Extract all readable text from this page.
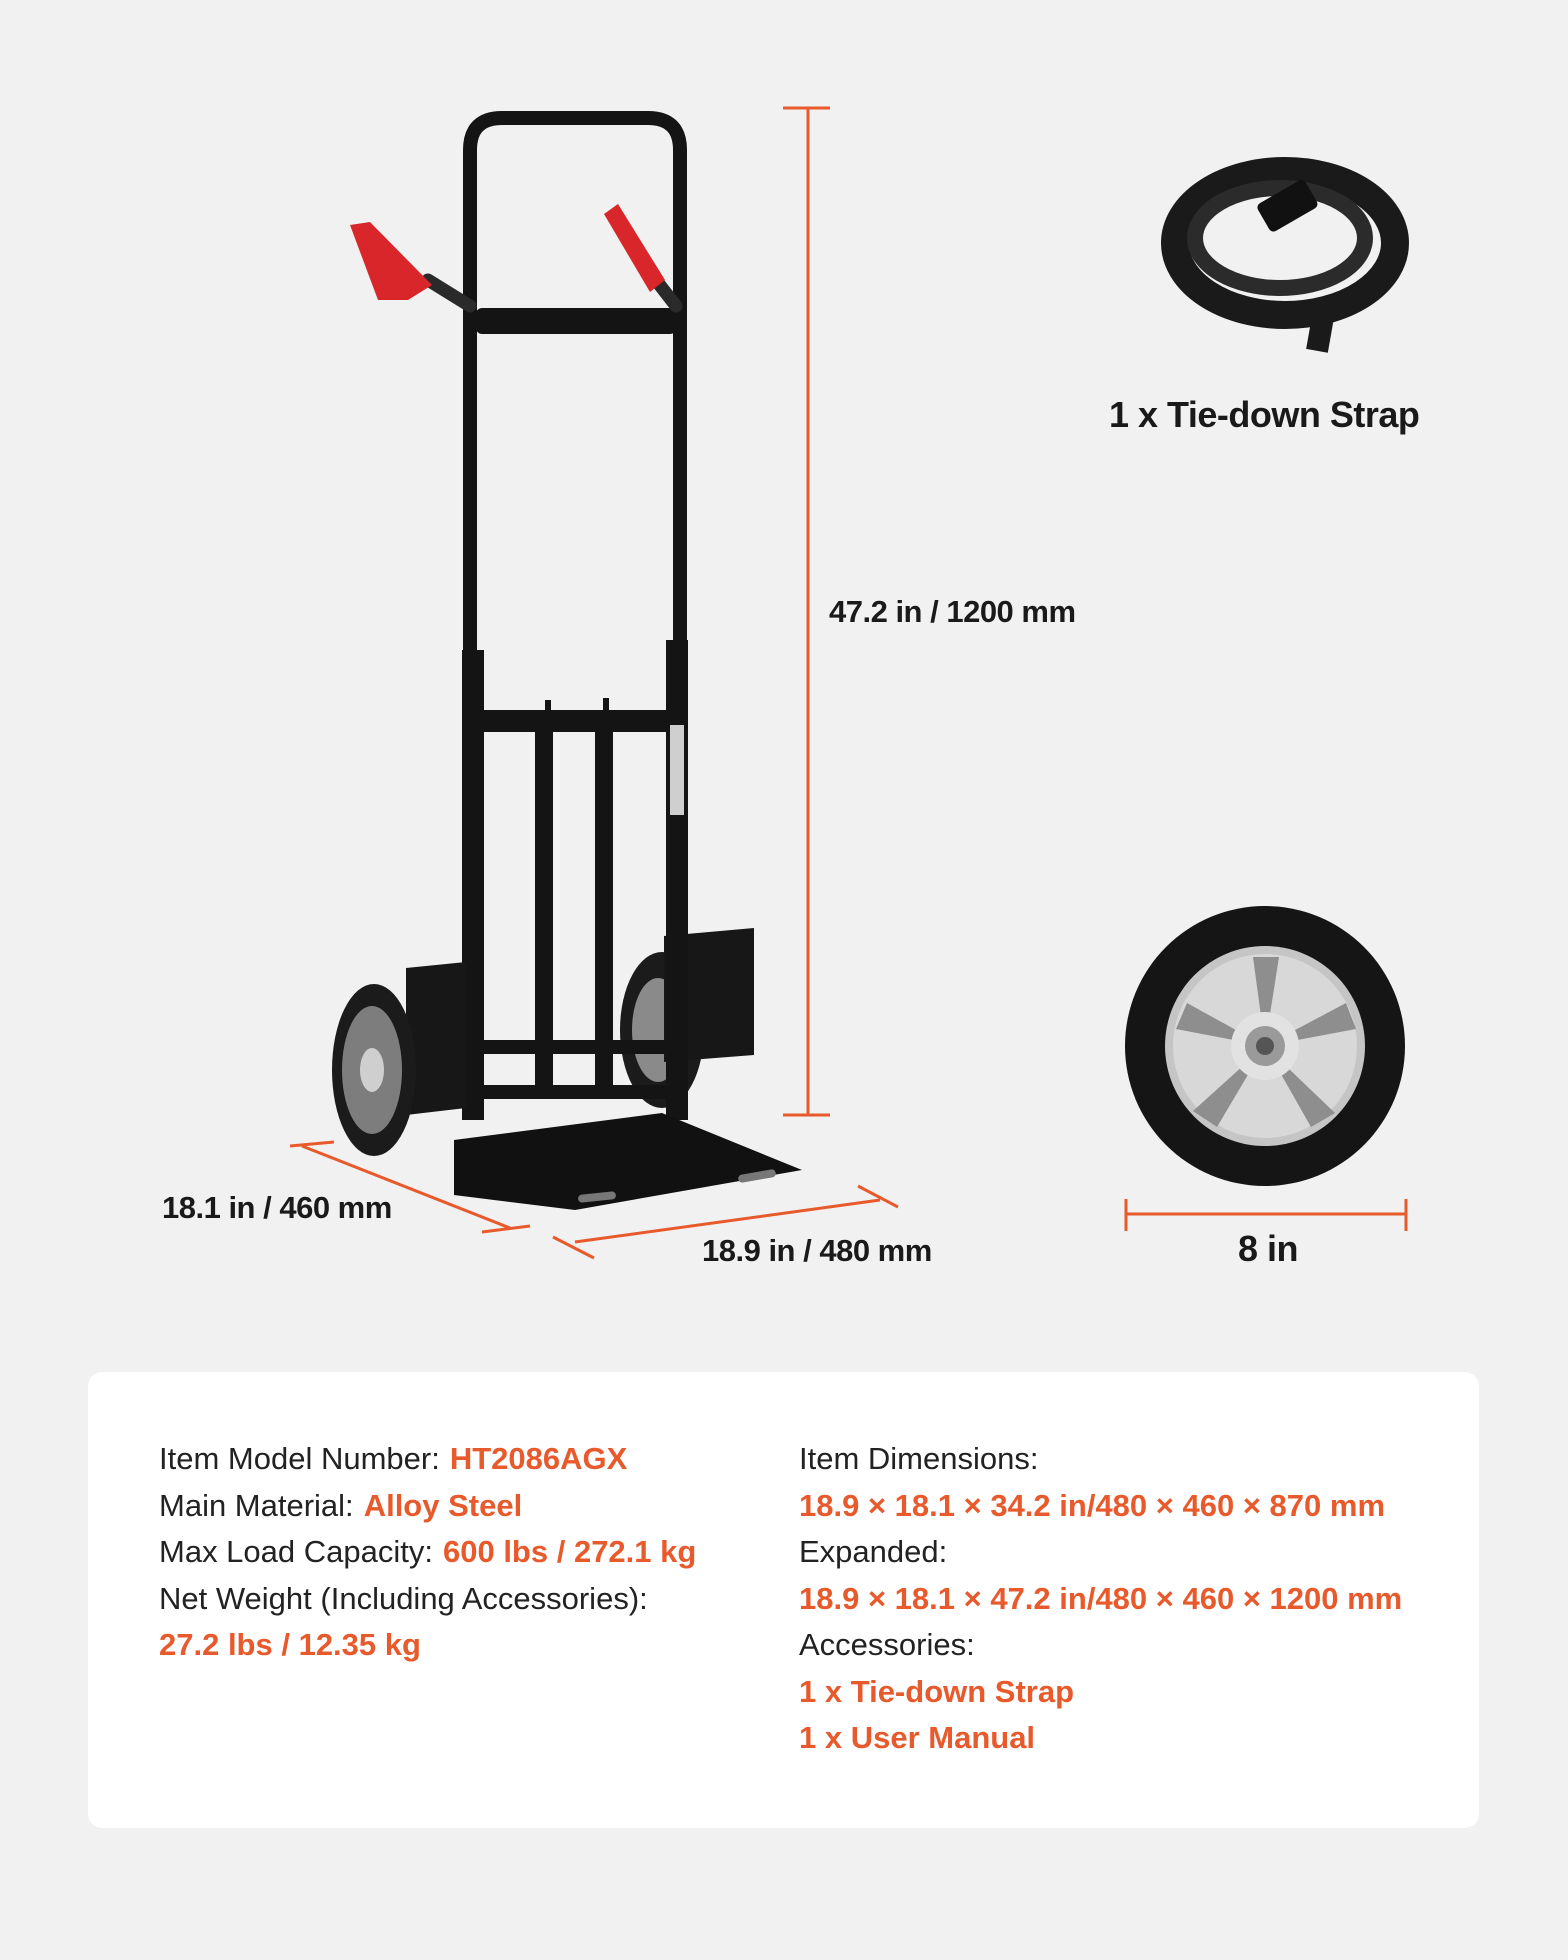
47.2 in / 1200 mm
18.1 in / 460 mm
18.9 in / 480 mm	8 in
1 x Tie-down Strap
Item Model Number: HT2086AGX
Main Material: Alloy Steel
Max Load Capacity: 600 lbs / 272.1 kg
Net Weight (Including Accessories):
27.2 lbs / 12.35 kg
Item Dimensions:
18.9 × 18.1 × 34.2 in/480 × 460 × 870 mm
Expanded:
18.9 × 18.1 × 47.2 in/480 × 460 × 1200 mm
Accessories:
1 x Tie-down Strap
1 x User Manual
